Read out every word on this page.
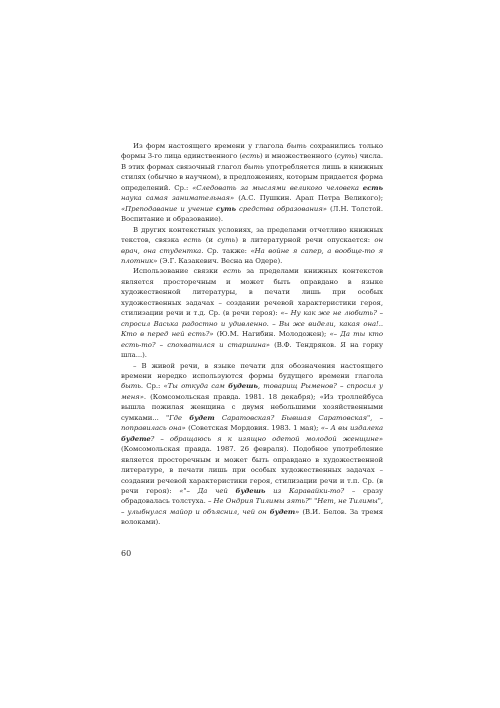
Из форм настоящего времени у глагола быть сохранились только формы 3-го лица единственного (есть) и множественного (суть) числа. В этих формах связочный глагол быть употребляется лишь в книжных стилях (обычно в научном), в предложениях, которым придается форма определений. Ср.: «Следовать за мыслями великого человека есть наука самая занимательная» (А.С. Пушкин. Арап Петра Великого); «Преподавание и учение суть средства образования» (Л.Н. Толстой. Воспитание и образование).

В других контекстных условиях, за пределами отчетливо книжных текстов, связка есть (и суть) в литературной речи опускается: он врач, она студентка. Ср. также: «На войне я сапер, а вообще-то я плотник» (Э.Г. Казакевич. Весна на Одере).

Использование связки есть за пределами книжных контекстов является просторечным и может быть оправдано в языке художественной литературы, в печати лишь при особых художественных задачах – создании речевой характеристики героя, стилизации речи и т.д. Ср. (в речи героя): «– Ну как же не любить? – спросил Васька радостно и удивленно. – Вы же видели, какая она!.. Кто в перед ней есть?» (Ю.М. Нагибин. Молодожен); «– Да ты кто есть-то? – спохватился и старшина» (В.Ф. Тендряков. Я на горку шла...).

– В живой речи, в языке печати для обозначения настоящего времени нередко используются формы будущего времени глагола быть. Ср.: «Ты откуда сам будешь, товарищ Рыменов? – спросил у меня». (Комсомольская правда. 1981. 18 декабря); «Из троллейбуса вышла пожилая женщина с двумя небольшими хозяйственными сумками... "Где будет Саратовская? Бывшая Саратовская", – поправилась она» (Советская Мордовия. 1983. 1 мая); «– А вы издалека будете? – обращаюсь я к изящно одетой молодой женщине» (Комсомольская правда. 1987. 26 февраля). Подобное употребление является просторечным и может быть оправдано в художественной литературе, в печати лишь при особых художественных задачах – создании речевой характеристики героя, стилизации речи и т.п. Ср. (в речи героя): «"– Да чей будешь из Каравайки-то? – сразу обрадовалась толстуха. – Не Ондрия Тилимы зять?" "Нет, не Тилимы", – улыбнулся майор и объяснил, чей он будет» (В.И. Белов. За тремя волоками).

60
